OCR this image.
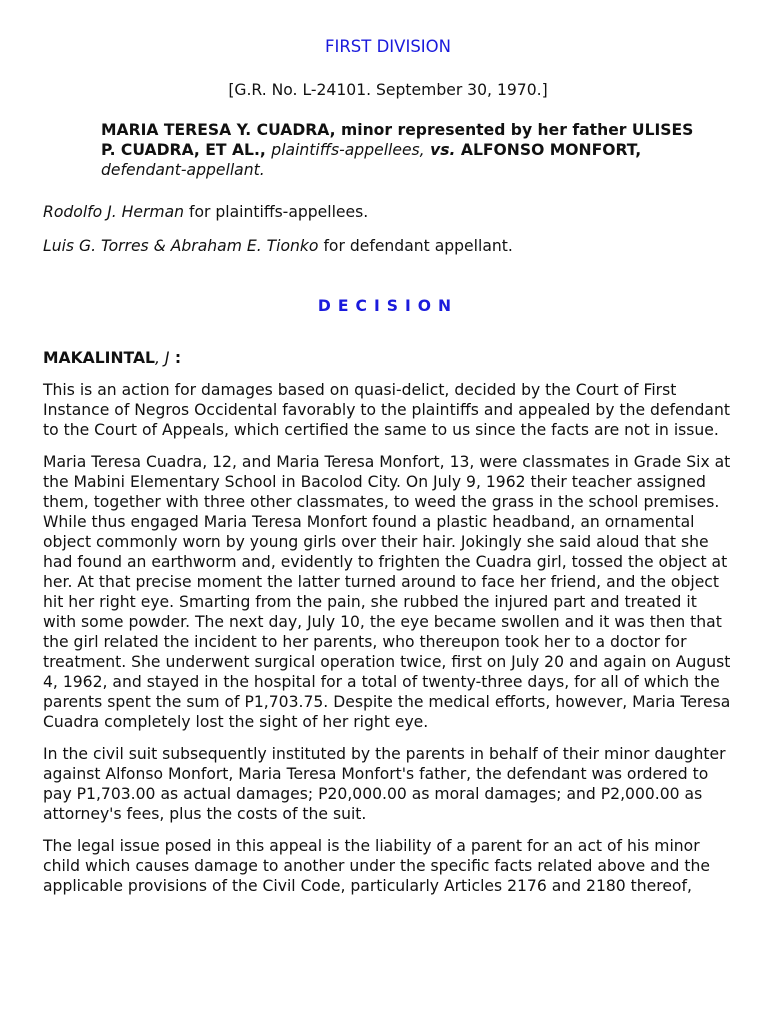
FIRST DIVISION
[G.R. No. L-24101. September 30, 1970.]
MARIA TERESA Y. CUADRA, minor represented by her father ULISES P. CUADRA, ET AL., plaintiffs-appellees, vs. ALFONSO MONFORT, defendant-appellant.
Rodolfo J. Herman for plaintiffs-appellees.
Luis G. Torres & Abraham E. Tionko for defendant appellant.
DECISION
MAKALINTAL, J :

This is an action for damages based on quasi-delict, decided by the Court of First Instance of Negros Occidental favorably to the plaintiffs and appealed by the defendant to the Court of Appeals, which certified the same to us since the facts are not in issue.

Maria Teresa Cuadra, 12, and Maria Teresa Monfort, 13, were classmates in Grade Six at the Mabini Elementary School in Bacolod City. On July 9, 1962 their teacher assigned them, together with three other classmates, to weed the grass in the school premises. While thus engaged Maria Teresa Monfort found a plastic headband, an ornamental object commonly worn by young girls over their hair. Jokingly she said aloud that she had found an earthworm and, evidently to frighten the Cuadra girl, tossed the object at her. At that precise moment the latter turned around to face her friend, and the object hit her right eye. Smarting from the pain, she rubbed the injured part and treated it with some powder. The next day, July 10, the eye became swollen and it was then that the girl related the incident to her parents, who thereupon took her to a doctor for treatment. She underwent surgical operation twice, first on July 20 and again on August 4, 1962, and stayed in the hospital for a total of twenty-three days, for all of which the parents spent the sum of P1,703.75. Despite the medical efforts, however, Maria Teresa Cuadra completely lost the sight of her right eye.

In the civil suit subsequently instituted by the parents in behalf of their minor daughter against Alfonso Monfort, Maria Teresa Monfort's father, the defendant was ordered to pay P1,703.00 as actual damages; P20,000.00 as moral damages; and P2,000.00 as attorney's fees, plus the costs of the suit.

The legal issue posed in this appeal is the liability of a parent for an act of his minor child which causes damage to another under the specific facts related above and the applicable provisions of the Civil Code, particularly Articles 2176 and 2180 thereof,
